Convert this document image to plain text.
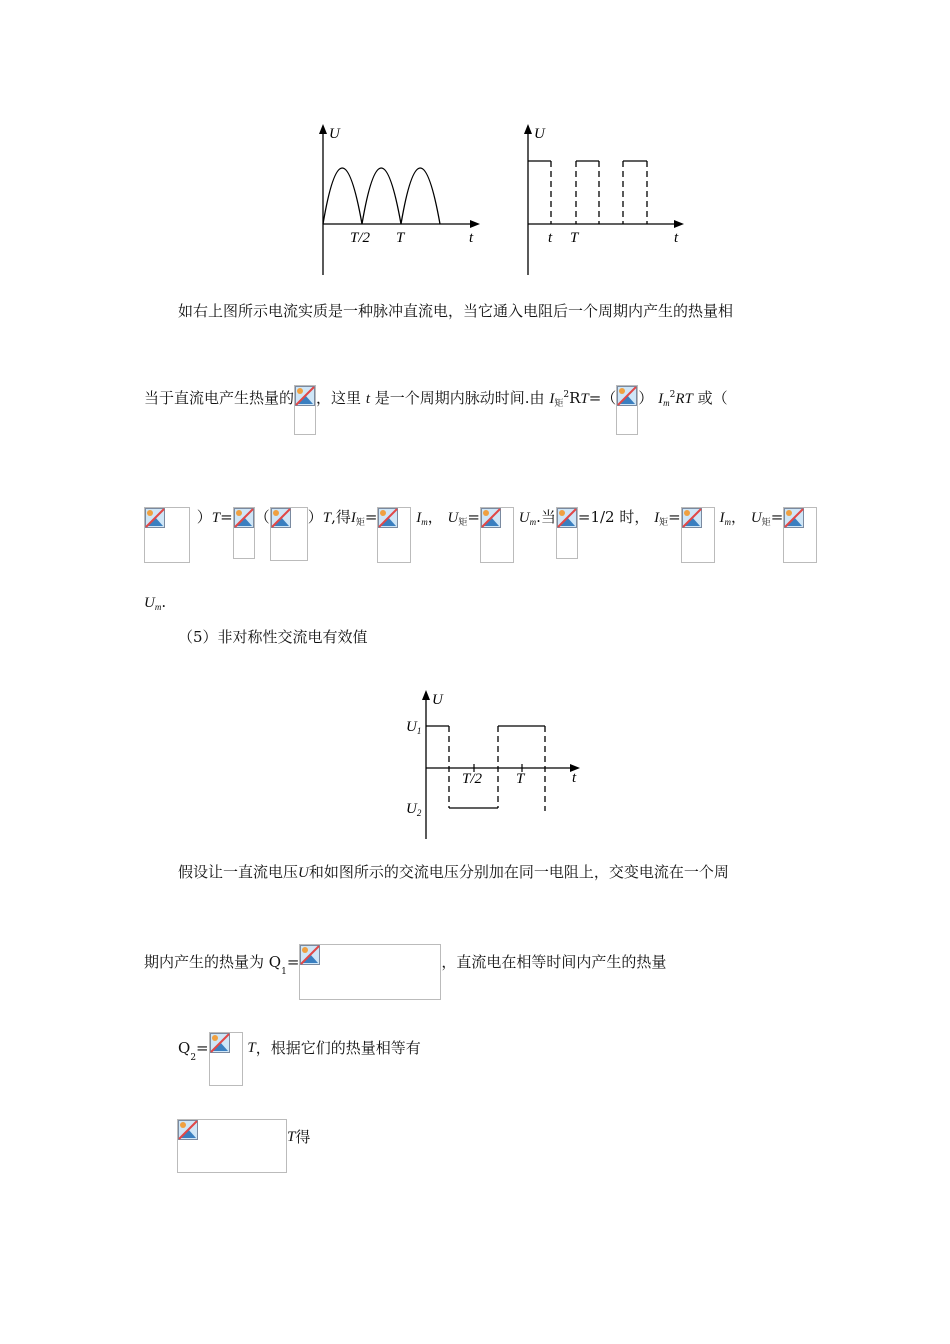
U
t
T/2 T
U
t
t T
如右上图所示电流实质是一种脉冲直流电，当它通入电阻后一个周期内产生的热量相
当于直流电产生热量的 ，这里 t 是一个周期内脉动时间.由 $I_矩^2RT=$（ ） $I_m^2RT$ 或（
）T= （	）T,得$I_矩=$	$I_m$， $U_矩=$	$U_m$.当 =1/2 时， $I_矩=$	$I_m$， $U_矩=$
$U_m$.
（5）非对称性交流电有效值
U
t
$U_1$
$U_2$
T/2 T
假设让一直流电压U和如图所示的交流电压分别加在同一电阻上，交变电流在一个周
期内产生的热量为 Q1=	，直流电在相等时间内产生的热量
Q2=	T，根据它们的热量相等有
T得
